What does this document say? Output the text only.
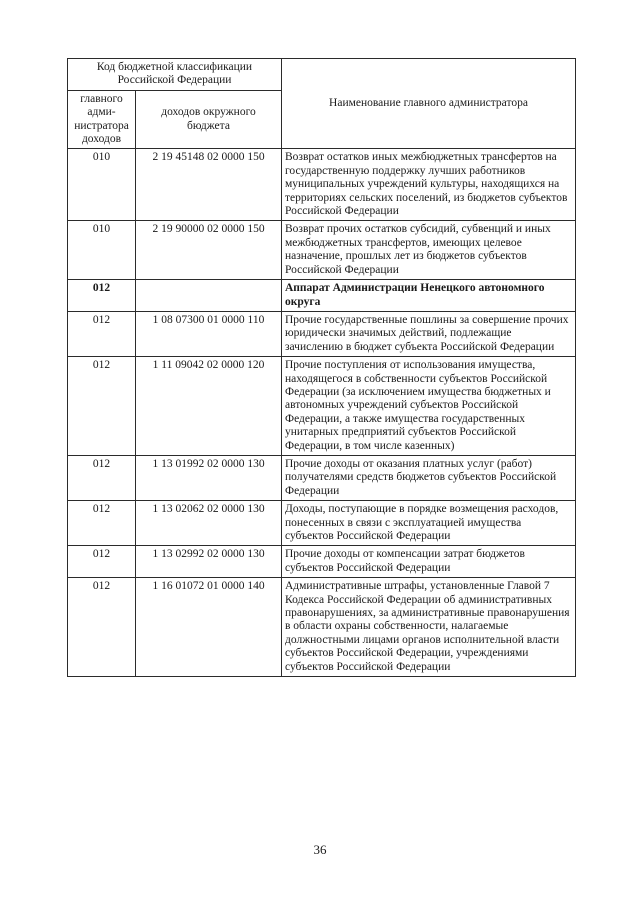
Код бюджетной классификации Российской Федерации		Наименование главного администратора
главного адми-нистратора доходов	доходов окружного бюджета	
010	2 19 45148 02 0000 150	Возврат остатков иных межбюджетных трансфертов на государственную поддержку лучших работников муниципальных учреждений культуры, находящихся на территориях сельских поселений, из бюджетов субъектов Российской Федерации
010	2 19 90000 02 0000 150	Возврат прочих остатков субсидий, субвенций и иных межбюджетных трансфертов, имеющих целевое назначение, прошлых лет из бюджетов субъектов Российской Федерации
012		Аппарат Администрации Ненецкого автономного округа
012	1 08 07300 01 0000 110	Прочие государственные пошлины за совершение прочих юридически значимых действий, подлежащие зачислению в бюджет субъекта Российской Федерации
012	1 11 09042 02 0000 120	Прочие поступления от использования имущества, находящегося в собственности субъектов Российской Федерации (за исключением имущества бюджетных и автономных учреждений субъектов Российской Федерации, а также имущества государственных унитарных предприятий субъектов Российской Федерации, в том числе казенных)
012	1 13 01992 02 0000 130	Прочие доходы от оказания платных услуг (работ) получателями средств бюджетов субъектов Российской Федерации
012	1 13 02062 02 0000 130	Доходы, поступающие в порядке возмещения расходов, понесенных в связи с эксплуатацией имущества субъектов Российской Федерации
012	1 13 02992 02 0000 130	Прочие доходы от компенсации затрат бюджетов субъектов Российской Федерации
012	1 16 01072 01 0000 140	Административные штрафы, установленные Главой 7 Кодекса Российской Федерации об административных правонарушениях, за административные правонарушения в области охраны собственности, налагаемые должностными лицами органов исполнительной власти субъектов Российской Федерации, учреждениями субъектов Российской Федерации
36
